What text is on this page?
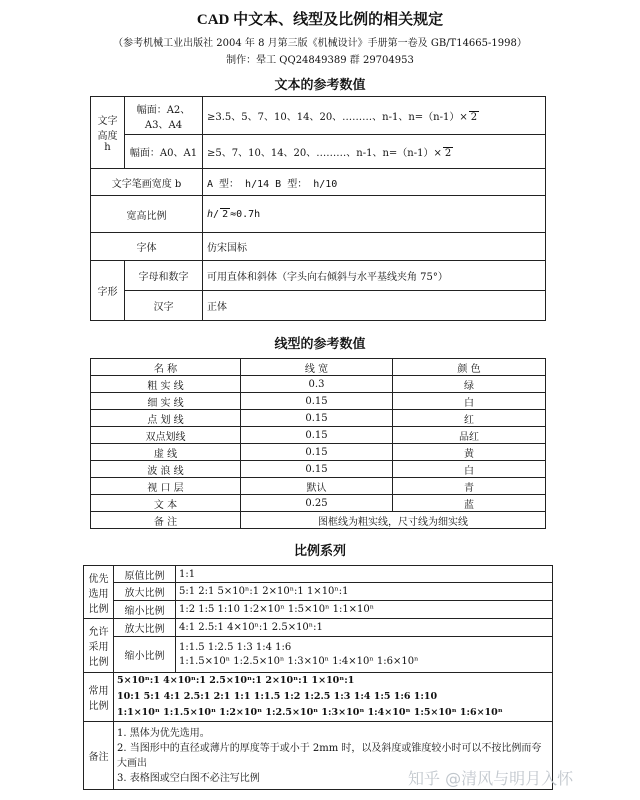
CAD 中文本、线型及比例的相关规定
（参考机械工业出版社 2004 年 8 月第三版《机械设计》手册第一卷及 GB/T14665-1998）
制作：晕工 QQ24849389 群 29704953
文本的参考数值
文字高度 h	幅面：A2、A3、A4	≥3.5、5、7、10、14、20、………、n-1、n=（n-1）× 2
	幅面：A0、A1	≥5、7、10、14、20、………、n-1、n=（n-1）× 2
文字笔画宽度 b		A 型： h/14 B 型： h/10
宽高比例		h/ 2 ≈0.7h
字体		仿宋国标
字形	字母和数字	可用直体和斜体（字头向右倾斜与水平基线夹角 75°）
	汉字	正体
线型的参考数值
名 称	线 宽	颜 色
粗 实 线	0.3	绿
细 实 线	0.15	白
点 划 线	0.15	红
双点划线	0.15	品红
虚 线	0.15	黄
波 浪 线	0.15	白
视 口 层	默认	青
文 本	0.25	蓝
备 注	图框线为粗实线，尺寸线为细实线	
比例系列
优先选用比例	原值比例	1:1
	放大比例	5:1 2:1 5×10ⁿ:1 2×10ⁿ:1 1×10ⁿ:1
	缩小比例	1:2 1:5 1:10 1:2×10ⁿ 1:5×10ⁿ 1:1×10ⁿ
允许采用比例	放大比例	4:1 2.5:1 4×10ⁿ:1 2.5×10ⁿ:1
	缩小比例	1:1.5 1:2.5 1:3 1:4 1:6
1:1.5×10ⁿ 1:2.5×10ⁿ 1:3×10ⁿ 1:4×10ⁿ 1:6×10ⁿ

常用比例	5×10ⁿ:1 4×10ⁿ:1 2.5×10ⁿ:1 2×10ⁿ:1 1×10ⁿ:1
10:1 5:1 4:1 2.5:1 2:1 1:1 1:1.5 1:2 1:2.5 1:3 1:4 1:5 1:6 1:10
1:1×10ⁿ 1:1.5×10ⁿ 1:2×10ⁿ 1:2.5×10ⁿ 1:3×10ⁿ 1:4×10ⁿ 1:5×10ⁿ 1:6×10ⁿ	

备注	1. 黑体为优先选用。
2. 当图形中的直径或薄片的厚度等于或小于 2mm 时，以及斜度或锥度较小时可以不按比例而夸大画出
3. 表格图或空白图不必注写比例		知乎 @清风与明月入怀
